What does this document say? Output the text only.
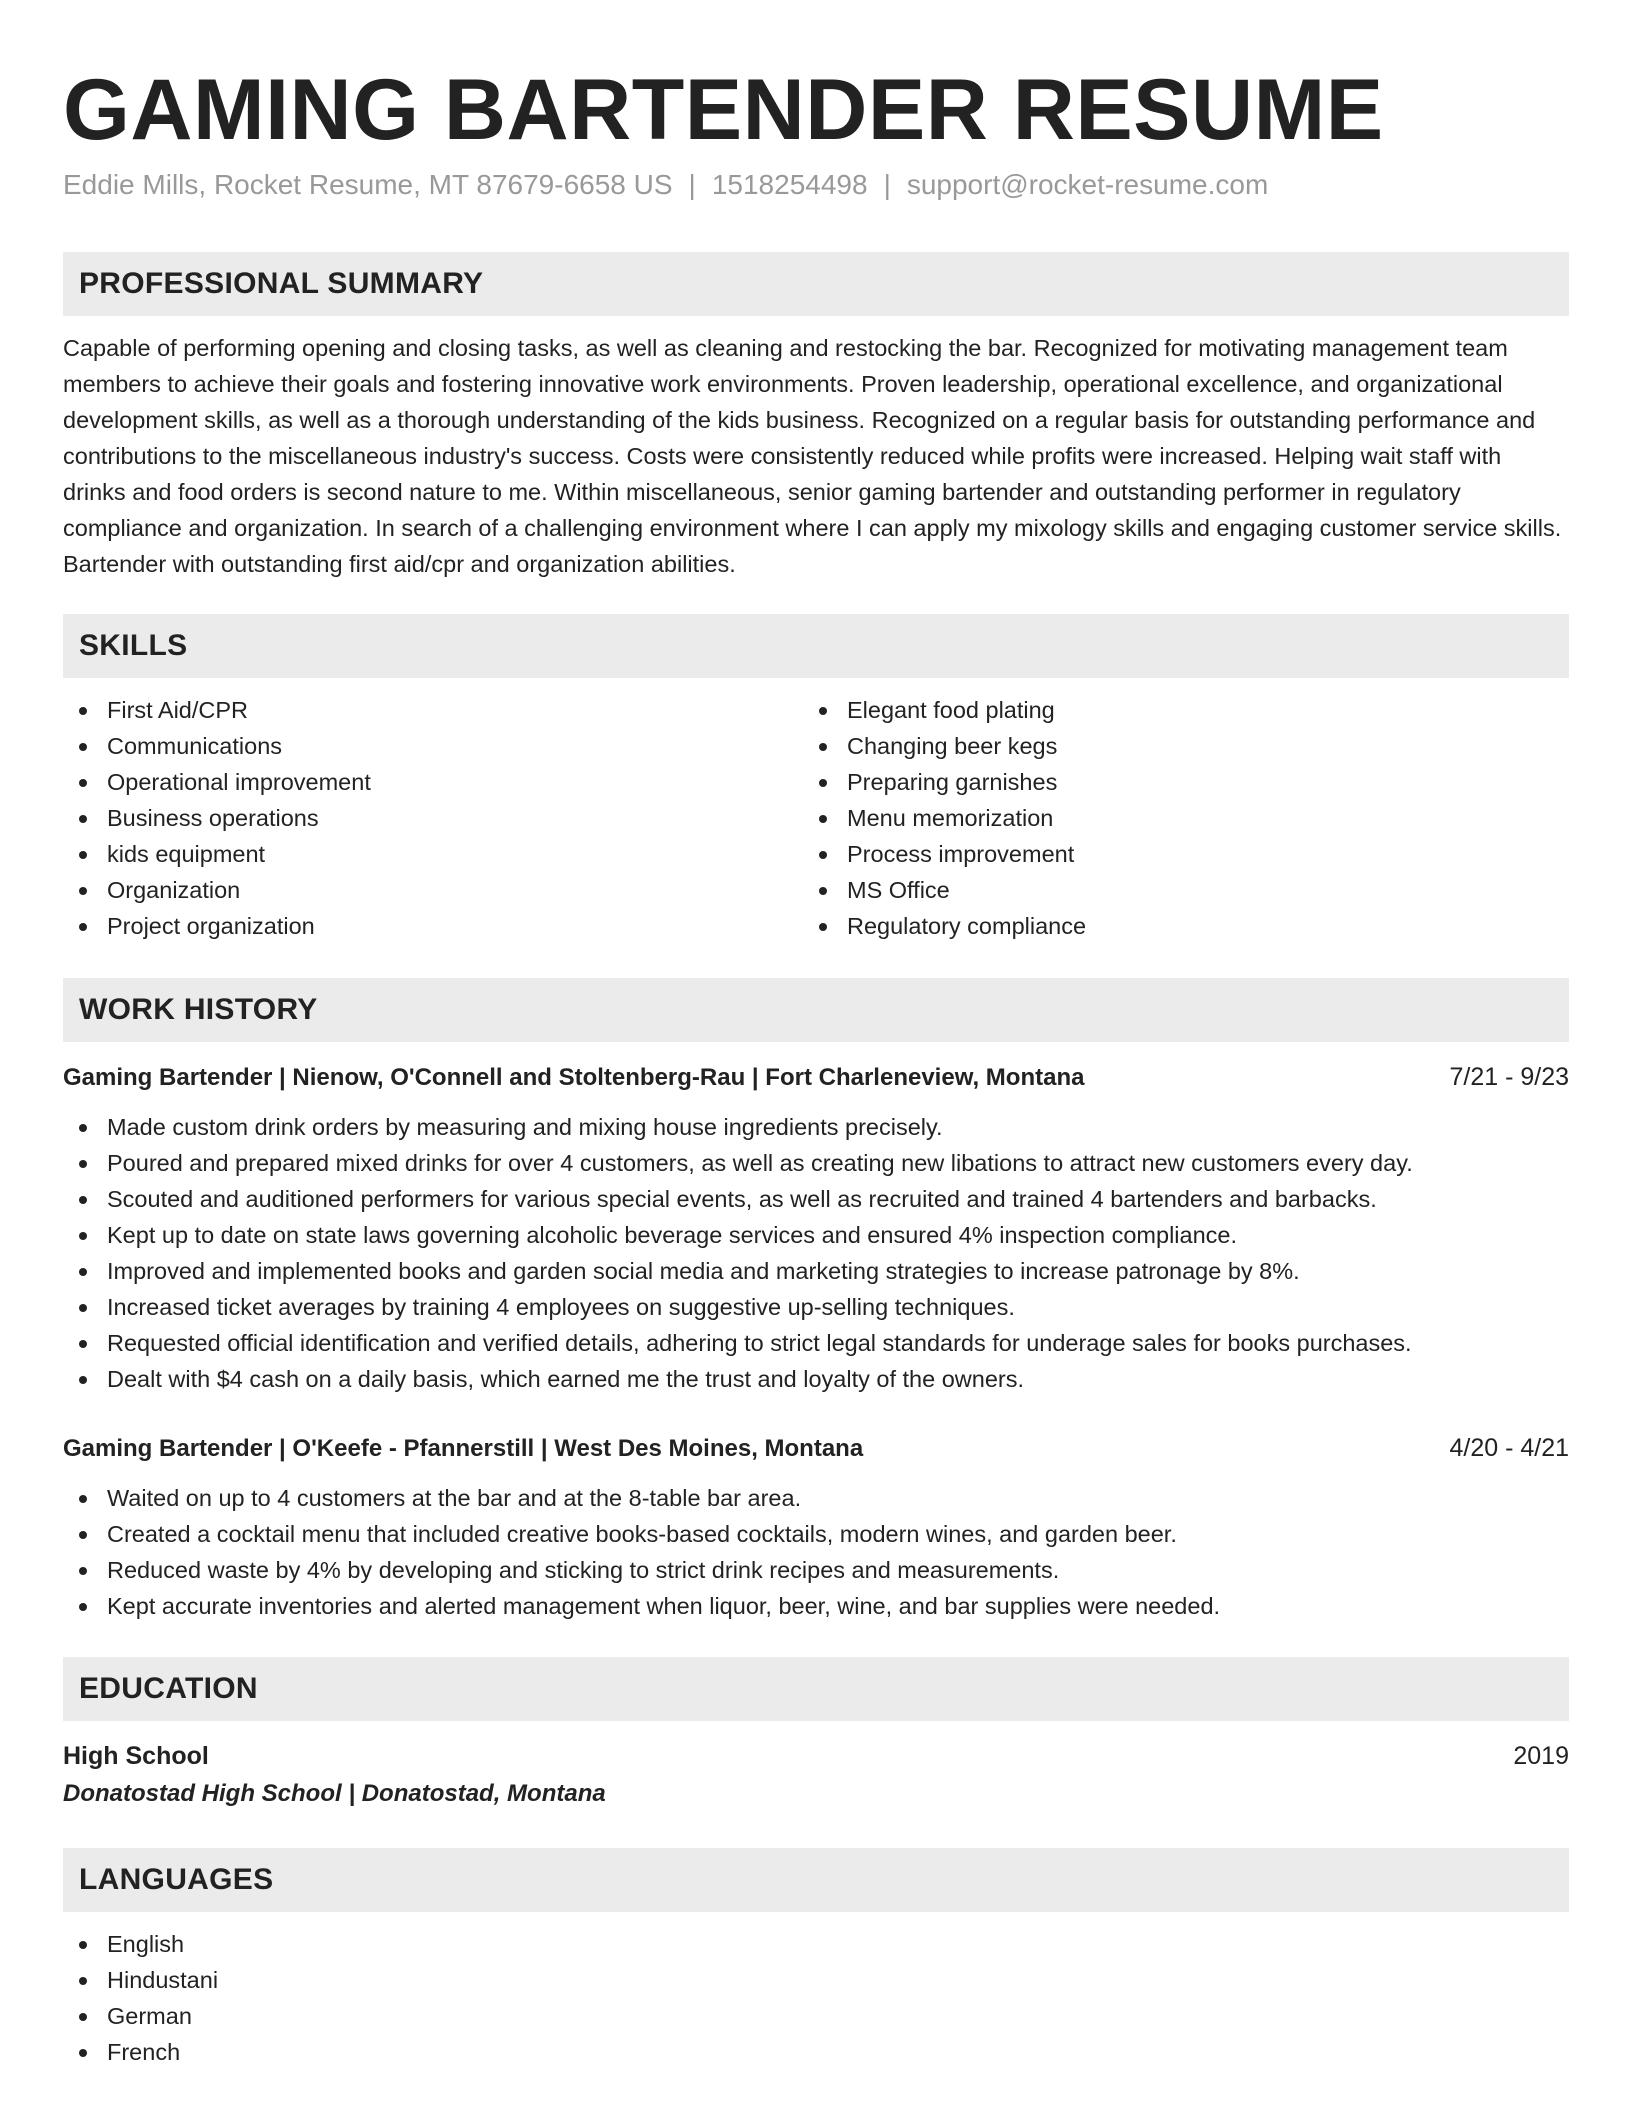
GAMING BARTENDER RESUME
Eddie Mills, Rocket Resume, MT 87679-6658 US | 1518254498 | support@rocket-resume.com
PROFESSIONAL SUMMARY

Capable of performing opening and closing tasks, as well as cleaning and restocking the bar. Recognized for motivating management team members to achieve their goals and fostering innovative work environments. Proven leadership, operational excellence, and organizational development skills, as well as a thorough understanding of the kids business. Recognized on a regular basis for outstanding performance and contributions to the miscellaneous industry's success. Costs were consistently reduced while profits were increased. Helping wait staff with drinks and food orders is second nature to me. Within miscellaneous, senior gaming bartender and outstanding performer in regulatory compliance and organization. In search of a challenging environment where I can apply my mixology skills and engaging customer service skills. Bartender with outstanding first aid/cpr and organization abilities.

SKILLS
First Aid/CPR
Communications
Operational improvement
Business operations
kids equipment
Organization
Project organization
Elegant food plating
Changing beer kegs
Preparing garnishes
Menu memorization
Process improvement
MS Office
Regulatory compliance
WORK HISTORY
Gaming Bartender | Nienow, O'Connell and Stoltenberg-Rau | Fort Charleneview, Montana	7/21 - 9/23
Made custom drink orders by measuring and mixing house ingredients precisely.
Poured and prepared mixed drinks for over 4 customers, as well as creating new libations to attract new customers every day.
Scouted and auditioned performers for various special events, as well as recruited and trained 4 bartenders and barbacks.
Kept up to date on state laws governing alcoholic beverage services and ensured 4% inspection compliance.
Improved and implemented books and garden social media and marketing strategies to increase patronage by 8%.
Increased ticket averages by training 4 employees on suggestive up-selling techniques.
Requested official identification and verified details, adhering to strict legal standards for underage sales for books purchases.
Dealt with $4 cash on a daily basis, which earned me the trust and loyalty of the owners.
Gaming Bartender | O'Keefe - Pfannerstill | West Des Moines, Montana	4/20 - 4/21
Waited on up to 4 customers at the bar and at the 8-table bar area.
Created a cocktail menu that included creative books-based cocktails, modern wines, and garden beer.
Reduced waste by 4% by developing and sticking to strict drink recipes and measurements.
Kept accurate inventories and alerted management when liquor, beer, wine, and bar supplies were needed.
EDUCATION
High School	2019
Donatostad High School | Donatostad, Montana
LANGUAGES
English
Hindustani
German
French
